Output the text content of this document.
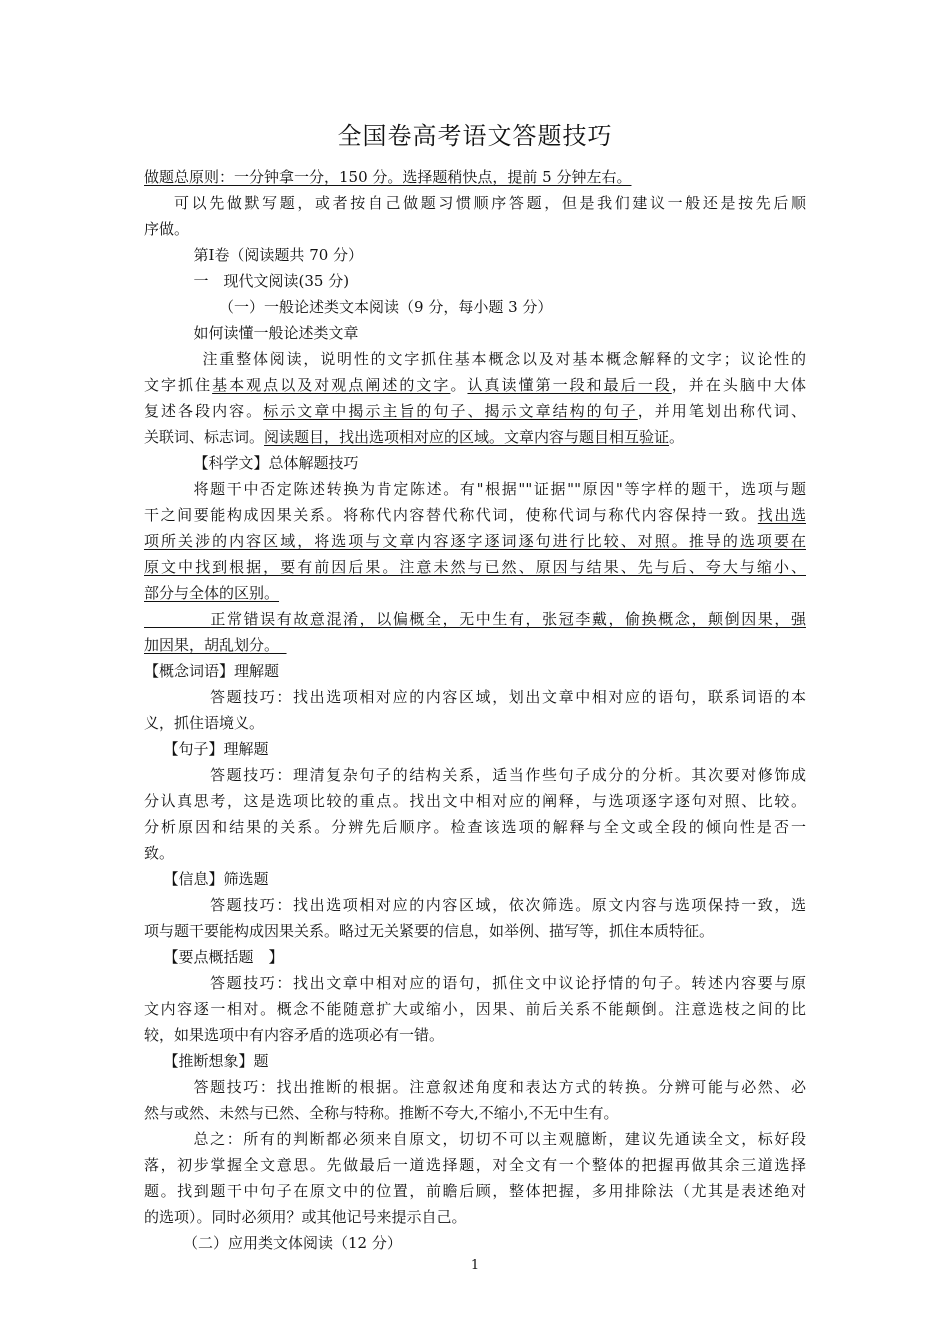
全国卷高考语文答题技巧
做题总原则：一分钟拿一分，150 分。选择题稍快点，提前 5 分钟左右。
可以先做默写题，或者按自己做题习惯顺序答题，但是我们建议一般还是按先后顺
序做。
第Ⅰ卷（阅读题共 70 分）
一　现代文阅读(35 分)
（一）一般论述类文本阅读（9 分，每小题 3 分）
如何读懂一般论述类文章
注重整体阅读，说明性的文字抓住基本概念以及对基本概念解释的文字；议论性的
文字抓住基本观点以及对观点阐述的文字。认真读懂第一段和最后一段，并在头脑中大体
复述各段内容。标示文章中揭示主旨的句子、揭示文章结构的句子，并用笔划出称代词、
关联词、标志词。阅读题目，找出选项相对应的区域。文章内容与题目相互验证。
【科学文】总体解题技巧
将题干中否定陈述转换为肯定陈述。有"根据""证据""原因"等字样的题干，选项与题
干之间要能构成因果关系。将称代内容替代称代词，使称代词与称代内容保持一致。找出选
项所关涉的内容区域，将选项与文章内容逐字逐词逐句进行比较、对照。推导的选项要在
原文中找到根据，要有前因后果。注意未然与已然、原因与结果、先与后、夸大与缩小、
部分与全体的区别。
　　　　正常错误有故意混淆，以偏概全，无中生有，张冠李戴，偷换概念，颠倒因果，强
加因果，胡乱划分。　
【概念词语】理解题
答题技巧：找出选项相对应的内容区域，划出文章中相对应的语句，联系词语的本
义，抓住语境义。
【句子】理解题
答题技巧：理清复杂句子的结构关系，适当作些句子成分的分析。其次要对修饰成
分认真思考，这是选项比较的重点。找出文中相对应的阐释，与选项逐字逐句对照、比较。
分析原因和结果的关系。分辨先后顺序。检查该选项的解释与全文或全段的倾向性是否一
致。
【信息】筛选题
答题技巧：找出选项相对应的内容区域，依次筛选。原文内容与选项保持一致，选
项与题干要能构成因果关系。略过无关紧要的信息，如举例、描写等，抓住本质特征。
【要点概括题　】
答题技巧：找出文章中相对应的语句，抓住文中议论抒情的句子。转述内容要与原
文内容逐一相对。概念不能随意扩大或缩小，因果、前后关系不能颠倒。注意选枝之间的比
较，如果选项中有内容矛盾的选项必有一错。
【推断想象】题
答题技巧：找出推断的根据。注意叙述角度和表达方式的转换。分辨可能与必然、必
然与或然、未然与已然、全称与特称。推断不夸大,不缩小,不无中生有。
总之：所有的判断都必须来自原文，切切不可以主观臆断，建议先通读全文，标好段
落，初步掌握全文意思。先做最后一道选择题，对全文有一个整体的把握再做其余三道选择
题。找到题干中句子在原文中的位置，前瞻后顾，整体把握，多用排除法（尤其是表述绝对
的选项）。同时必须用？或其他记号来提示自己。
（二）应用类文体阅读（12 分）
1
